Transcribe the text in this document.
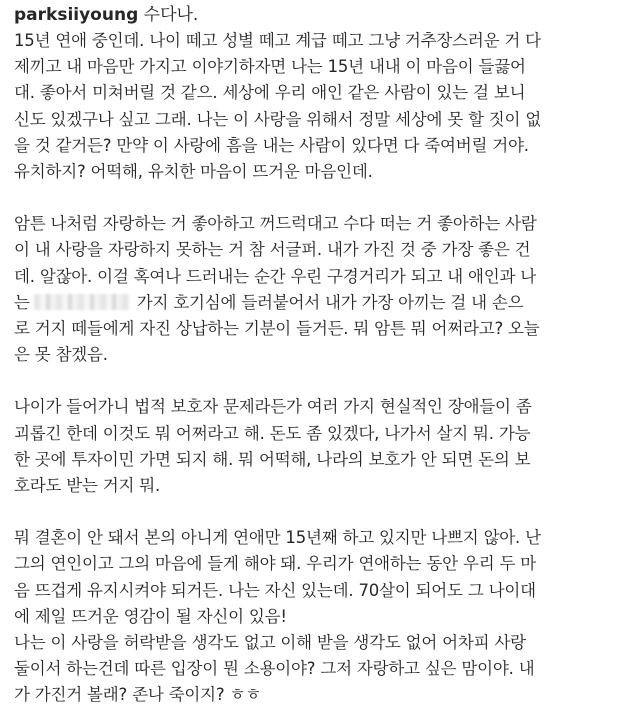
parksiiyoung 수다나.
15년 연애 중인데. 나이 떼고 성별 떼고 계급 떼고 그냥 거추장스러운 거 다
제끼고 내 마음만 가지고 이야기하자면 나는 15년 내내 이 마음이 들끓어
대. 좋아서 미쳐버릴 것 같으. 세상에 우리 애인 같은 사람이 있는 걸 보니
신도 있겠구나 싶고 그래. 나는 이 사랑을 위해서 정말 세상에 못 할 짓이 없
을 것 같거든? 만약 이 사랑에 흠을 내는 사람이 있다면 다 죽여버릴 거야.
유치하지? 어떡해, 유치한 마음이 뜨거운 마음인데.
암튼 나처럼 자랑하는 거 좋아하고 꺼드럭대고 수다 떠는 거 좋아하는 사람
이 내 사랑을 자랑하지 못하는 거 참 서글퍼. 내가 가진 것 중 가장 좋은 건
데. 알잖아. 이걸 혹여나 드러내는 순간 우린 구경거리가 되고 내 애인과 나
는	가지 호기심에 들러붙어서 내가 가장 아끼는 걸 내 손으
로 거지 떼들에게 자진 상납하는 기분이 들거든. 뭐 암튼 뭐 어쩌라고? 오늘
은 못 참겠음.
나이가 들어가니 법적 보호자 문제라든가 여러 가지 현실적인 장애들이 좀
괴롭긴 한데 이것도 뭐 어쩌라고 해. 돈도 좀 있겠다, 나가서 살지 뭐. 가능
한 곳에 투자이민 가면 되지 해. 뭐 어떡해, 나라의 보호가 안 되면 돈의 보
호라도 받는 거지 뭐.
뭐 결혼이 안 돼서 본의 아니게 연애만 15년째 하고 있지만 나쁘지 않아. 난
그의 연인이고 그의 마음에 들게 해야 돼. 우리가 연애하는 동안 우리 두 마
음 뜨겁게 유지시켜야 되거든. 나는 자신 있는데. 70살이 되어도 그 나이대
에 제일 뜨거운 영감이 될 자신이 있음!
나는 이 사랑을 허락받을 생각도 없고 이해 받을 생각도 없어 어차피 사랑
둘이서 하는건데 따른 입장이 뭔 소용이야? 그저 자랑하고 싶은 맘이야. 내
가 가진거 볼래? 존나 죽이지? ㅎㅎ
